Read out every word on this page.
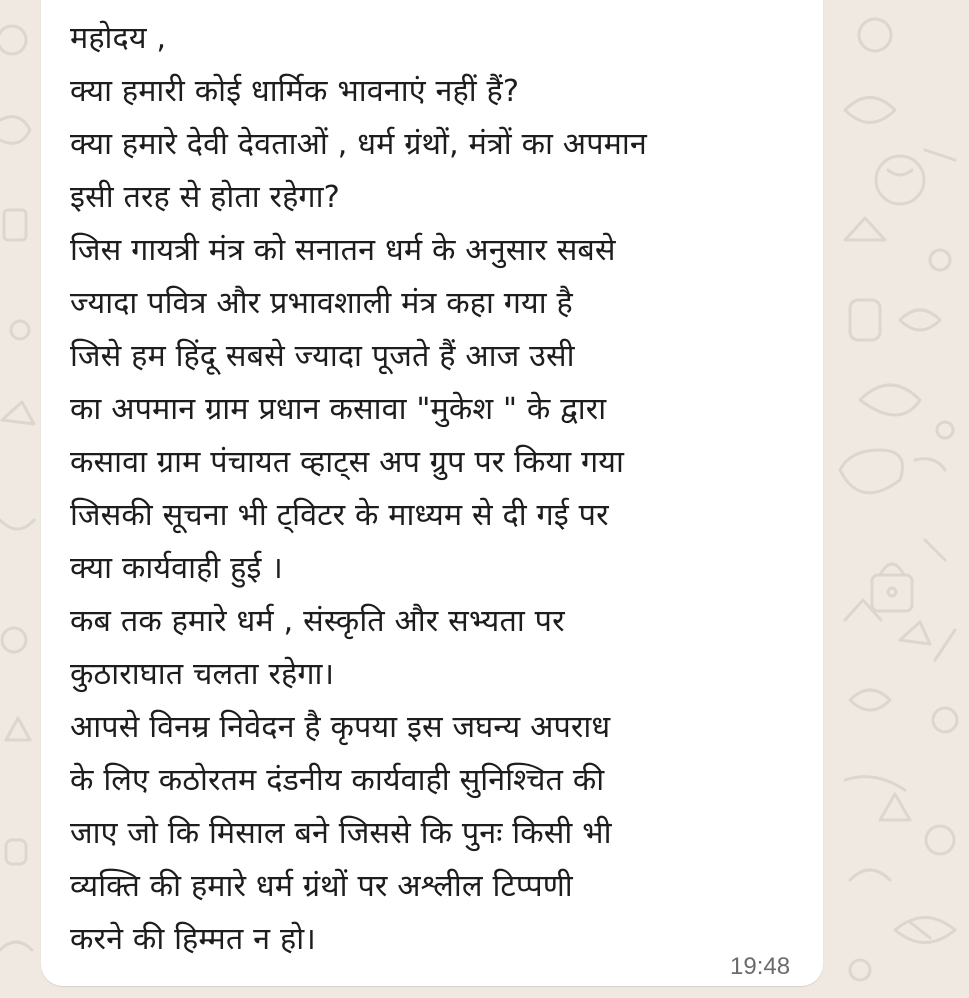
महोदय ,
क्या हमारी कोई धार्मिक भावनाएं नहीं हैं?
क्या हमारे देवी देवताओं , धर्म ग्रंथों, मंत्रों का अपमान
इसी तरह से होता रहेगा?
जिस गायत्री मंत्र को सनातन धर्म के अनुसार सबसे
ज्यादा पवित्र और प्रभावशाली मंत्र कहा गया है
जिसे हम हिंदू सबसे ज्यादा पूजते हैं आज उसी
का अपमान ग्राम प्रधान कसावा "मुकेश " के द्वारा
कसावा ग्राम पंचायत व्हाट्स अप ग्रुप पर किया गया
जिसकी सूचना भी ट्विटर के माध्यम से दी गई पर
क्या कार्यवाही हुई ।
कब तक हमारे धर्म , संस्कृति और सभ्यता पर
कुठाराघात चलता रहेगा।
आपसे विनम्र निवेदन है कृपया इस जघन्य अपराध
के लिए कठोरतम दंडनीय कार्यवाही सुनिश्चित की
जाए जो कि मिसाल बने जिससे कि पुनः किसी भी
व्यक्ति की हमारे धर्म ग्रंथों पर अश्लील टिप्पणी
करने की हिम्मत न हो।
19:48
